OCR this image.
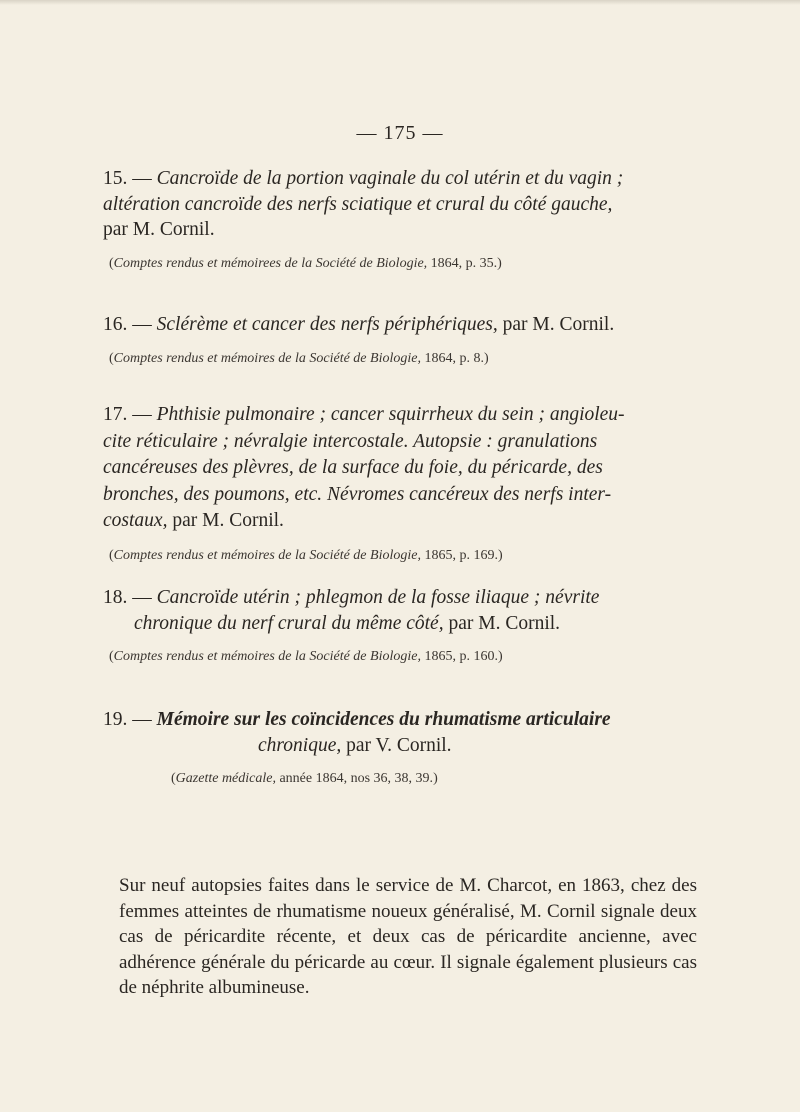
— 175 —

15. — Cancroïde de la portion vaginale du col utérin et du vagin ;
altération cancroïde des nerfs sciatique et crural du côté gauche,
par M. Cornil.

(Comptes rendus et mémoirees de la Société de Biologie, 1864, p. 35.)

16. — Sclérème et cancer des nerfs périphériques, par M. Cornil.

(Comptes rendus et mémoires de la Société de Biologie, 1864, p. 8.)

17. — Phthisie pulmonaire ; cancer squirrheux du sein ; angioleu-
cite réticulaire ; névralgie intercostale. Autopsie : granulations
cancéreuses des plèvres, de la surface du foie, du péricarde, des
bronches, des poumons, etc. Névromes cancéreux des nerfs inter-
costaux, par M. Cornil.

(Comptes rendus et mémoires de la Société de Biologie, 1865, p. 169.)

18. — Cancroïde utérin ; phlegmon de la fosse iliaque ; névrite
chronique du nerf crural du même côté, par M. Cornil.

(Comptes rendus et mémoires de la Société de Biologie, 1865, p. 160.)

19. — Mémoire sur les coïncidences du rhumatisme articulaire

chronique, par V. Cornil.

(Gazette médicale, année 1864, nos 36, 38, 39.)

Sur neuf autopsies faites dans le service de M. Charcot, en 1863, chez des femmes atteintes de rhumatisme noueux généralisé, M. Cornil signale deux cas de péricardite récente, et deux cas de péricardite ancienne, avec adhérence générale du péricarde au cœur. Il signale également plusieurs cas de néphrite albumineuse.
